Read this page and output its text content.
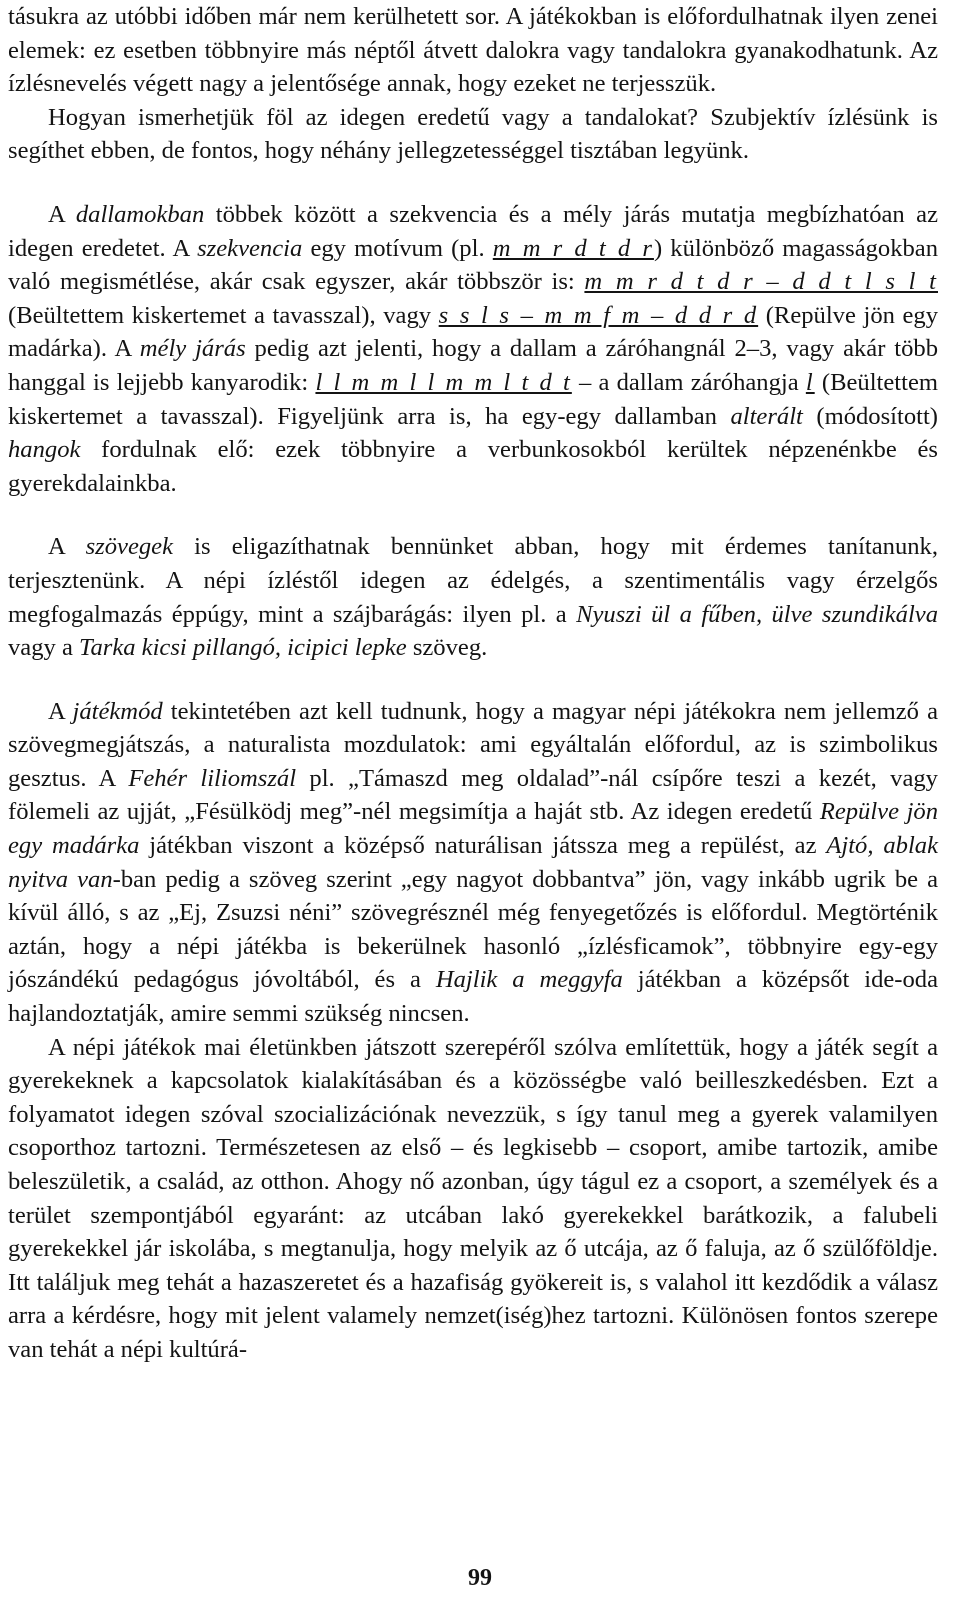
tásukra az utóbbi időben már nem kerülhetett sor. A játékokban is előfordulhatnak ilyen zenei elemek: ez esetben többnyire más néptől átvett dalokra vagy tandalokra gyanakodhatunk. Az ízlésnevelés végett nagy a jelentősége annak, hogy ezeket ne terjesszük.

Hogyan ismerhetjük föl az idegen eredetű vagy a tandalokat? Szubjektív ízlésünk is segíthet ebben, de fontos, hogy néhány jellegzetességgel tisztában legyünk.

A dallamokban többek között a szekvencia és a mély járás mutatja megbízhatóan az idegen eredetet. A szekvencia egy motívum (pl. m m r d t d r) különböző magasságokban való megismétlése, akár csak egyszer, akár többször is: m m r d t d r – d d t l s l t (Beültettem kiskertemet a tavasszal), vagy s s l s – m m f m – d d r d (Repülve jön egy madárka). A mély járás pedig azt jelenti, hogy a dallam a záróhangnál 2–3, vagy akár több hanggal is lejjebb kanyarodik: l l m m l l m m l t d t – a dallam záróhangja l (Beültettem kiskertemet a tavasszal). Figyeljünk arra is, ha egy-egy dallamban alterált (módosított) hangok fordulnak elő: ezek többnyire a verbunkosokból kerültek népzenénkbe és gyerekdalainkba.

A szövegek is eligazíthatnak bennünket abban, hogy mit érdemes tanítanunk, terjesztenünk. A népi ízléstől idegen az édelgés, a szentimentális vagy érzelgős megfogalmazás éppúgy, mint a szájbarágás: ilyen pl. a Nyuszi ül a fűben, ülve szundikálva vagy a Tarka kicsi pillangó, icipici lepke szöveg.

A játékmód tekintetében azt kell tudnunk, hogy a magyar népi játékokra nem jellemző a szövegmegjátszás, a naturalista mozdulatok: ami egyáltalán előfordul, az is szimbolikus gesztus. A Fehér liliomszál pl. „Támaszd meg oldalad”-nál csípőre teszi a kezét, vagy fölemeli az ujját, „Fésülködj meg”-nél megsimítja a haját stb. Az idegen eredetű Repülve jön egy madárka játékban viszont a középső naturálisan játssza meg a repülést, az Ajtó, ablak nyitva van-ban pedig a szöveg szerint „egy nagyot dobbantva” jön, vagy inkább ugrik be a kívül álló, s az „Ej, Zsuzsi néni” szövegrésznél még fenyegetőzés is előfordul. Megtörténik aztán, hogy a népi játékba is bekerülnek hasonló „ízlésficamok”, többnyire egy-egy jószándékú pedagógus jóvoltából, és a Hajlik a meggyfa játékban a középsőt ide-oda hajlandoztatják, amire semmi szükség nincsen.

A népi játékok mai életünkben játszott szerepéről szólva említettük, hogy a játék segít a gyerekeknek a kapcsolatok kialakításában és a közösségbe való beilleszkedésben. Ezt a folyamatot idegen szóval szocializációnak nevezzük, s így tanul meg a gyerek valamilyen csoporthoz tartozni. Természetesen az első – és legkisebb – csoport, amibe tartozik, amibe beleszületik, a család, az otthon. Ahogy nő azonban, úgy tágul ez a csoport, a személyek és a terület szempontjából egyaránt: az utcában lakó gyerekekkel barátkozik, a falubeli gyerekekkel jár iskolába, s megtanulja, hogy melyik az ő utcája, az ő faluja, az ő szülőföldje. Itt találjuk meg tehát a hazaszeretet és a hazafiság gyökereit is, s valahol itt kezdődik a válasz arra a kérdésre, hogy mit jelent valamely nemzet(iség)hez tartozni. Különösen fontos szerepe van tehát a népi kultúrá-

99
